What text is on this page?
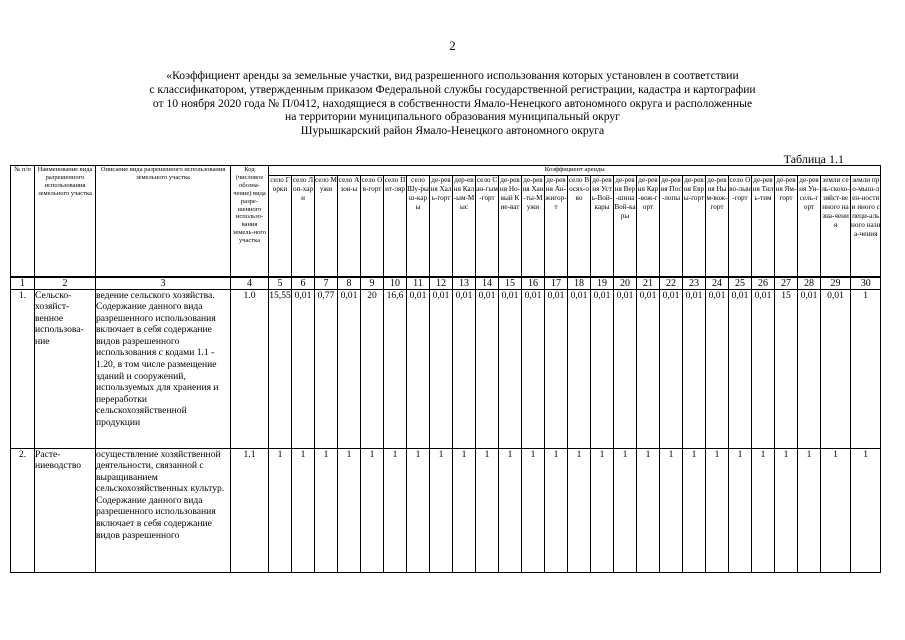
2
«Коэффициент аренды за земельные участки, вид разрешенного использования которых установлен в соответствии
с классификатором, утвержденным приказом Федеральной службы государственной регистрации, кадастра и картографии
от 10 ноября 2020 года № П/0412, находящиеся в собственности Ямало-Ненецкого автономного округа и расположенные
на территории муниципального образования муниципальный округ
Шурышкарский район Ямало-Ненецкого автономного округа
Таблица 1.1
№ п/п	Наименование вида разрешенного использования земельного участка	Описание вида разрешенного использования земельного участка	Код (числовое обозна-чение) вида разре-шенного использо-вания земель-ного участка	Коэффициент аренды																									
				село Горки	село Лоп-хари	село Мужи	село Азов-ы	село Ов-горт	село Пит-ляр	село Шу-рыш-кары	де-ревня Халь-горт	дер-евня Кал-ым-Мыс	село Сан-гым-горт	де-ревня Но-вый Кие-ват	де-ревня Хан-ты-Мужи	де-ревня Ан-жигор-т	село Восях-ово	де-ревня Усть-Вой-кары	де-ревня Вер-шина Вой-кары	де-ревня Кар-вож-горт	де-ревня Пос-лопы	де-ревня Евры-горт	де-ревня Ным-вож-горт	село Ово-лын-горт	де-ревня Тиль-тим	де-ревня Ям-горт	де-ревня Ун-сель-горт	земли сель-скохо-зяйст-венного назна-чения	земли про-мыш-лен-ности и иного специ-ального назна-чения
1	2	3	4	5	6	7	8	9	10	11	12	13	14	15	16	17	18	19	20	21	22	23	24	25	26	27	28	29	30
1.	Сельско-хозяйст-венное использова-ние	ведение сельского хозяйства. Содержание данного вида разрешенного использования включает в себя содержание видов разрешенного использования с кодами 1.1 - 1.20, в том числе размещение зданий и сооружений, используемых для хранения и переработки сельскохозяйственной продукции	1.0	15,55	0,01	0,77	0,01	20	16,6	0,01	0,01	0,01	0,01	0,01	0,01	0,01	0,01	0,01	0,01	0,01	0,01	0,01	0,01	0,01	0,01	15	0,01	0,01	1
2.	Расте-ниеводство	осуществление хозяйственной деятельности, связанной с выращиванием сельскохозяйственных культур. Содержание данного вида разрешенного использования включает в себя содержание видов разрешенного	1.1	1	1	1	1	1	1	1	1	1	1	1	1	1	1	1	1	1	1	1	1	1	1	1	1	1	1
